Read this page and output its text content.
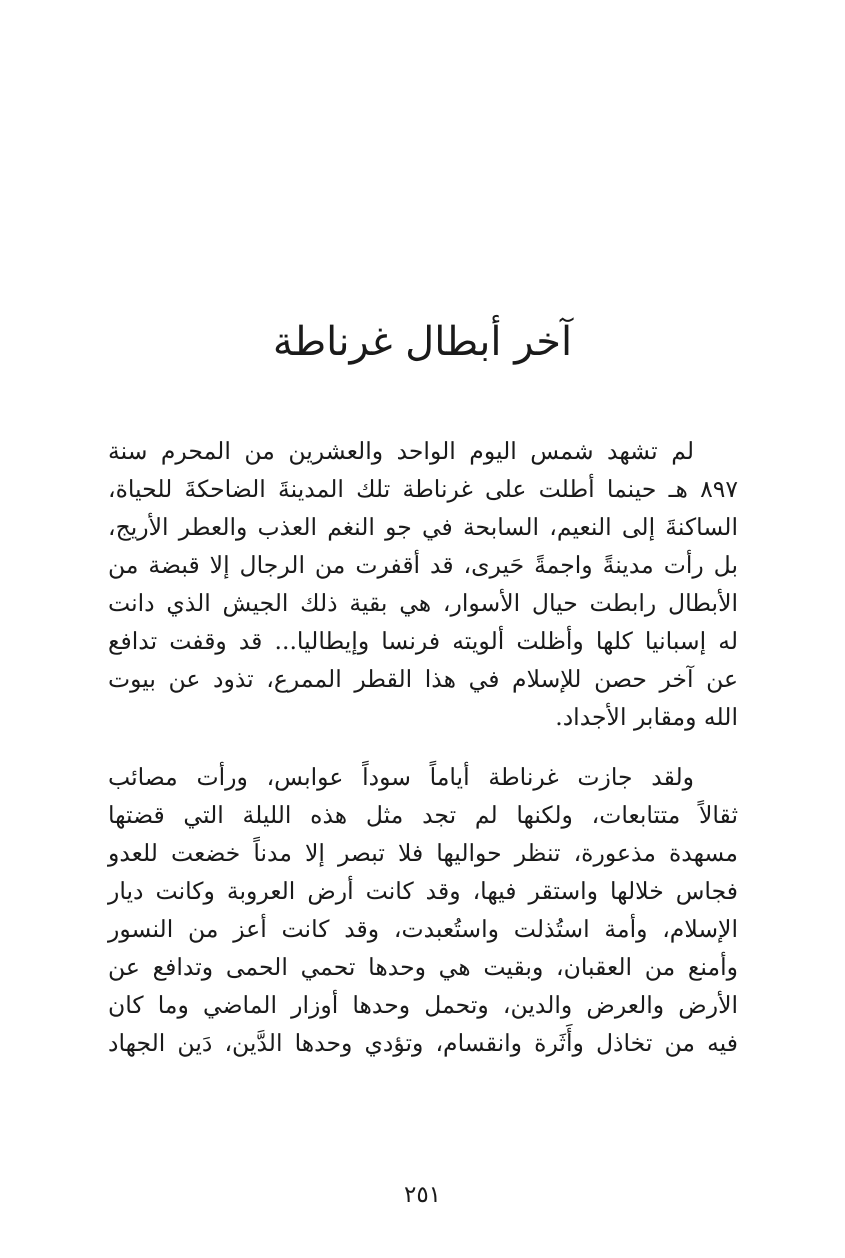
آخر أبطال غرناطة

لم تشهد شمس اليوم الواحد والعشرين من المحرم سنة
٨٩٧ هـ حينما أطلت على غرناطة تلك المدينةَ الضاحكةَ للحياة،
الساكنةَ إلى النعيم، السابحة في جو النغم العذب والعطر الأريج،
بل رأت مدينةً واجمةً حَيرى، قد أقفرت من الرجال إلا قبضة من
الأبطال رابطت حيال الأسوار، هي بقية ذلك الجيش الذي دانت
له إسبانيا كلها وأظلت ألويته فرنسا وإيطاليا... قد وقفت تدافع
عن آخر حصن للإسلام في هذا القطر الممرع، تذود عن بيوت
الله ومقابر الأجداد.

ولقد جازت غرناطة أياماً سوداً عوابس، ورأت مصائب
ثقالاً متتابعات، ولكنها لم تجد مثل هذه الليلة التي قضتها
مسهدة مذعورة، تنظر حواليها فلا تبصر إلا مدناً خضعت للعدو
فجاس خلالها واستقر فيها، وقد كانت أرض العروبة وكانت ديار
الإسلام، وأمة استُذلت واستُعبدت، وقد كانت أعز من النسور
وأمنع من العقبان، وبقيت هي وحدها تحمي الحمى وتدافع عن
الأرض والعرض والدين، وتحمل وحدها أوزار الماضي وما كان
فيه من تخاذل وأَثَرة وانقسام، وتؤدي وحدها الدَّين، دَين الجهاد

٢٥١
